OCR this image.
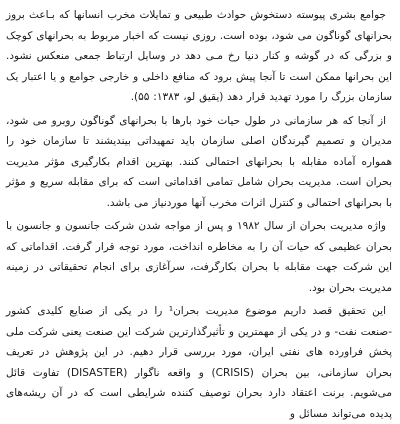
جوامع بشری پیوسته دستخوش حوادث طبیعی و تمایلات مخرب انسانها که بـاعث بروز بحرانهای گوناگون می شود، بوده است. روزی نیست که اخبار مربوط به بحرانهای کوچک و بزرگی که در گوشه و کنار دنیا رخ مـی دهد در وسایل ارتباط جمعی منعکس نشود. این بحرانها ممکن است تا آنجا پیش برود که منافع داخلی و خارجی جوامع و یا اعتبار یک سازمان بزرگ را مورد تهدید قرار دهد (یقیق لو، ۱۳۸۳: ۵۵).

از آنجا که هر سازمانی در طول حیات خود بارها با بحرانهای گوناگون روبرو می شود، مدیران و تصمیم گیرندگان اصلی سازمان باید تمهیداتی بیندیشند تا سازمان خود را همواره آماده مقابله با بحرانهای احتمالی کنند. بهترین اقدام بکارگیری مؤثر مدیریت بحران است. مدیریت بحران شامل تمامی اقداماتی است که برای مقابله سریع و مؤثر با بحرانهای احتمالی و کنترل اثرات مخرب آنها موردنیاز می باشد.

واژه مدیریت بحران از سال ۱۹۸۲ و پس از مواجه شدن شرکت جانسون و جانسون با بحران عظیمی که حیات آن را به مخاطره انداخت، مورد توجه قرار گرفت. اقداماتی که این شرکت جهت مقابله با بحران بکارگرفت، سرآغازی برای انجام تحقیقاتی در زمینه مدیریت بحران بود.

این تحقیق قصد داریم موضوع مدیریت بحران¹ را در یکی از صنایع کلیدی کشور -صنعت نفت- و در یکی از مهمترین و تأثیرگذارترین شرکت این صنعت یعنی شرکت ملی پخش فراورده های نفتی ایران، مورد بررسی قرار دهیم. در این پژوهش در تعریف بحران سازمانی، بین بحران (CRISIS) و واقعه ناگوار (DISASTER) تفاوت قائل می‌شویم. برنت اعتقاد دارد بحران توصیف کننده شرایطی است که در آن ریشه‌های پدیده می‌تواند مسائل و
